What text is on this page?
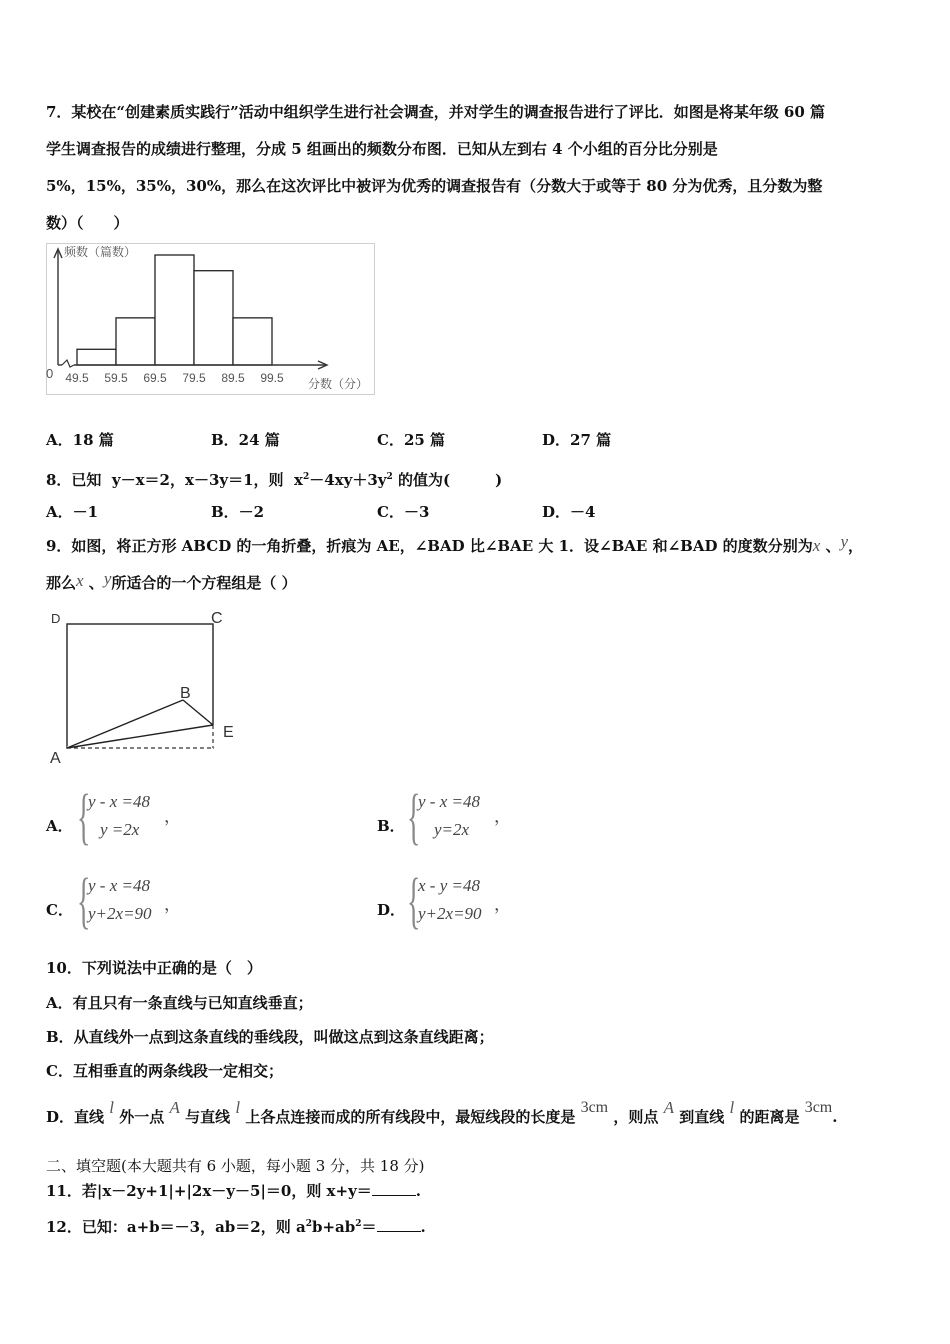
7．某校在“创建素质实践行”活动中组织学生进行社会调查，并对学生的调查报告进行了评比．如图是将某年级 60 篇
学生调查报告的成绩进行整理，分成 5 组画出的频数分布图．已知从左到右 4 个小组的百分比分别是
5%，15%，35%，30%，那么在这次评比中被评为优秀的调查报告有（分数大于或等于 80 分为优秀，且分数为整
数）（　　）
49.5 59.5 69.5 79.5 89.5 99.5
频数（篇数）
分数（分）
0
A．18 篇	B．24 篇	C．25 篇	D．27 篇
8．已知 y－x＝2，x－3y＝1，则 $x^2-4xy+3y^2$ 的值为(　　　)
A．－1	B．－2	C．－3	D．－4
9．如图，将正方形 ABCD 的一角折叠，折痕为 AE，∠BAD 比∠BAE 大 1．设∠BAE 和∠BAD 的度数分别为x 、y，
那么x 、y所适合的一个方程组是（ ）
D	C
B
E
A
A． {
y - x =48
y =2x
，	B． {
y - x =48
y=2x
，
C． {
y - x =48
y+2x=90 ，	D． {
x - y =48
y+2x=90 ，
10．下列说法中正确的是（　）
A．有且只有一条直线与已知直线垂直；
B．从直线外一点到这条直线的垂线段，叫做这点到这条直线距离；
C．互相垂直的两条线段一定相交；
D．直线 l 外一点 A 与直线 l 上各点连接而成的所有线段中，最短线段的长度是 3cm ，则点 A 到直线 l 的距离是 3cm.
二、填空题(本大题共有 6 小题，每小题 3 分，共 18 分)
11．若|x－2y+1|+|2x－y－5|＝0，则 x+y＝	.
12．已知：a+b＝－3，ab＝2，则 $a^2b+ab^2=$	.
